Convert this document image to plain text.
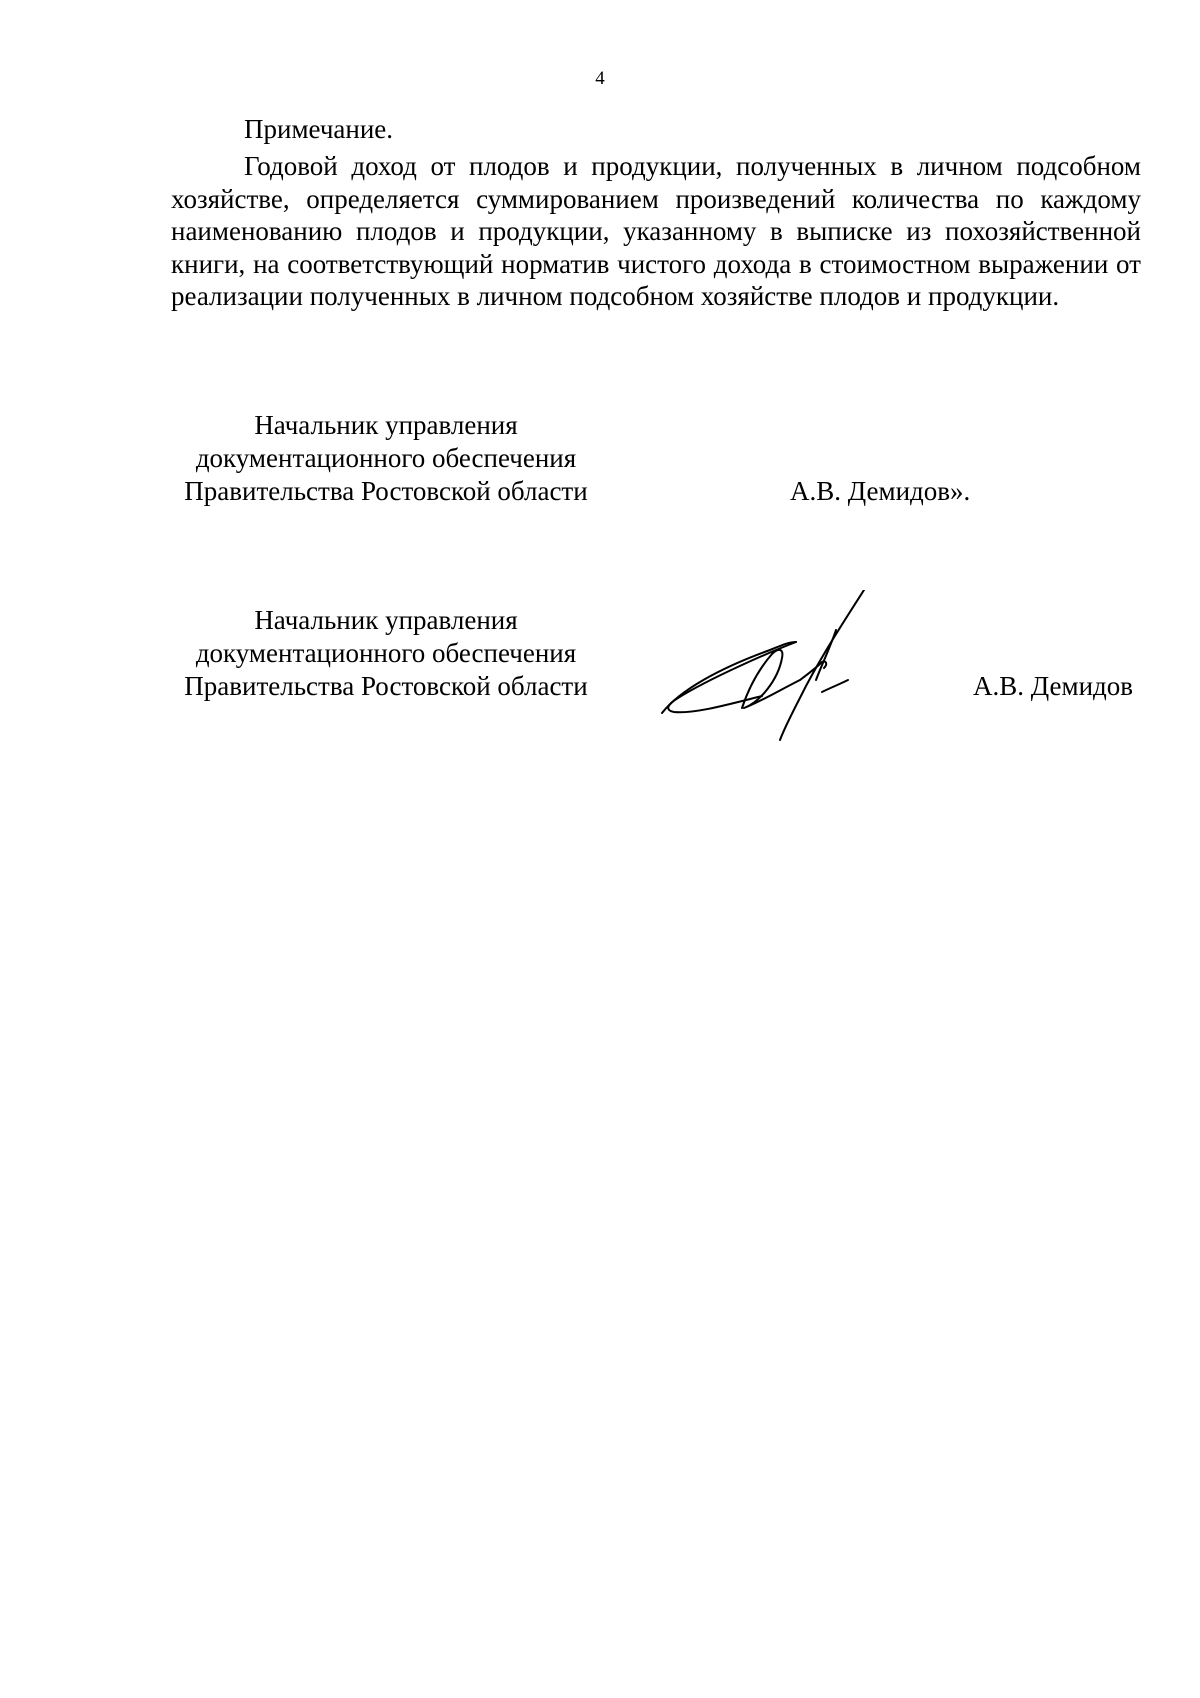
4
Примечание.

Годовой доход от плодов и продукции, полученных в личном подсобном хозяйстве, определяется суммированием произведений количества по каждому наименованию плодов и продукции, указанному в выписке из похозяйственной книги, на соответствующий норматив чистого дохода в стоимостном выражении от реализации полученных в личном подсобном хозяйстве плодов и продукции.

Начальник управления
документационного обеспечения
Правительства Ростовской области	А.В. Демидов».
Начальник управления
документационного обеспечения
Правительства Ростовской области	А.В. Демидов
